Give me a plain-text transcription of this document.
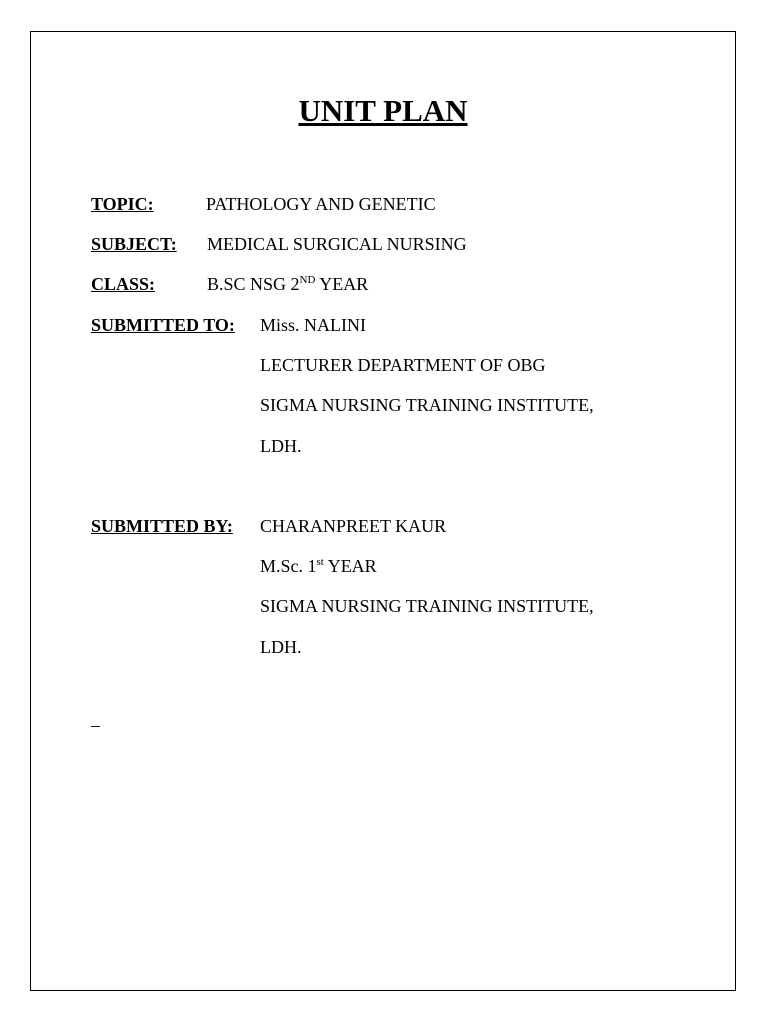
UNIT PLAN
TOPIC:	PATHOLOGY AND GENETIC
SUBJECT: MEDICAL SURGICAL NURSING
CLASS:	B.SC NSG 2ND YEAR
SUBMITTED TO: Miss. NALINI
LECTURER DEPARTMENT OF OBG
SIGMA NURSING TRAINING INSTITUTE,
LDH.
SUBMITTED BY: CHARANPREET KAUR
M.Sc. 1st YEAR
SIGMA NURSING TRAINING INSTITUTE,
LDH.
–
